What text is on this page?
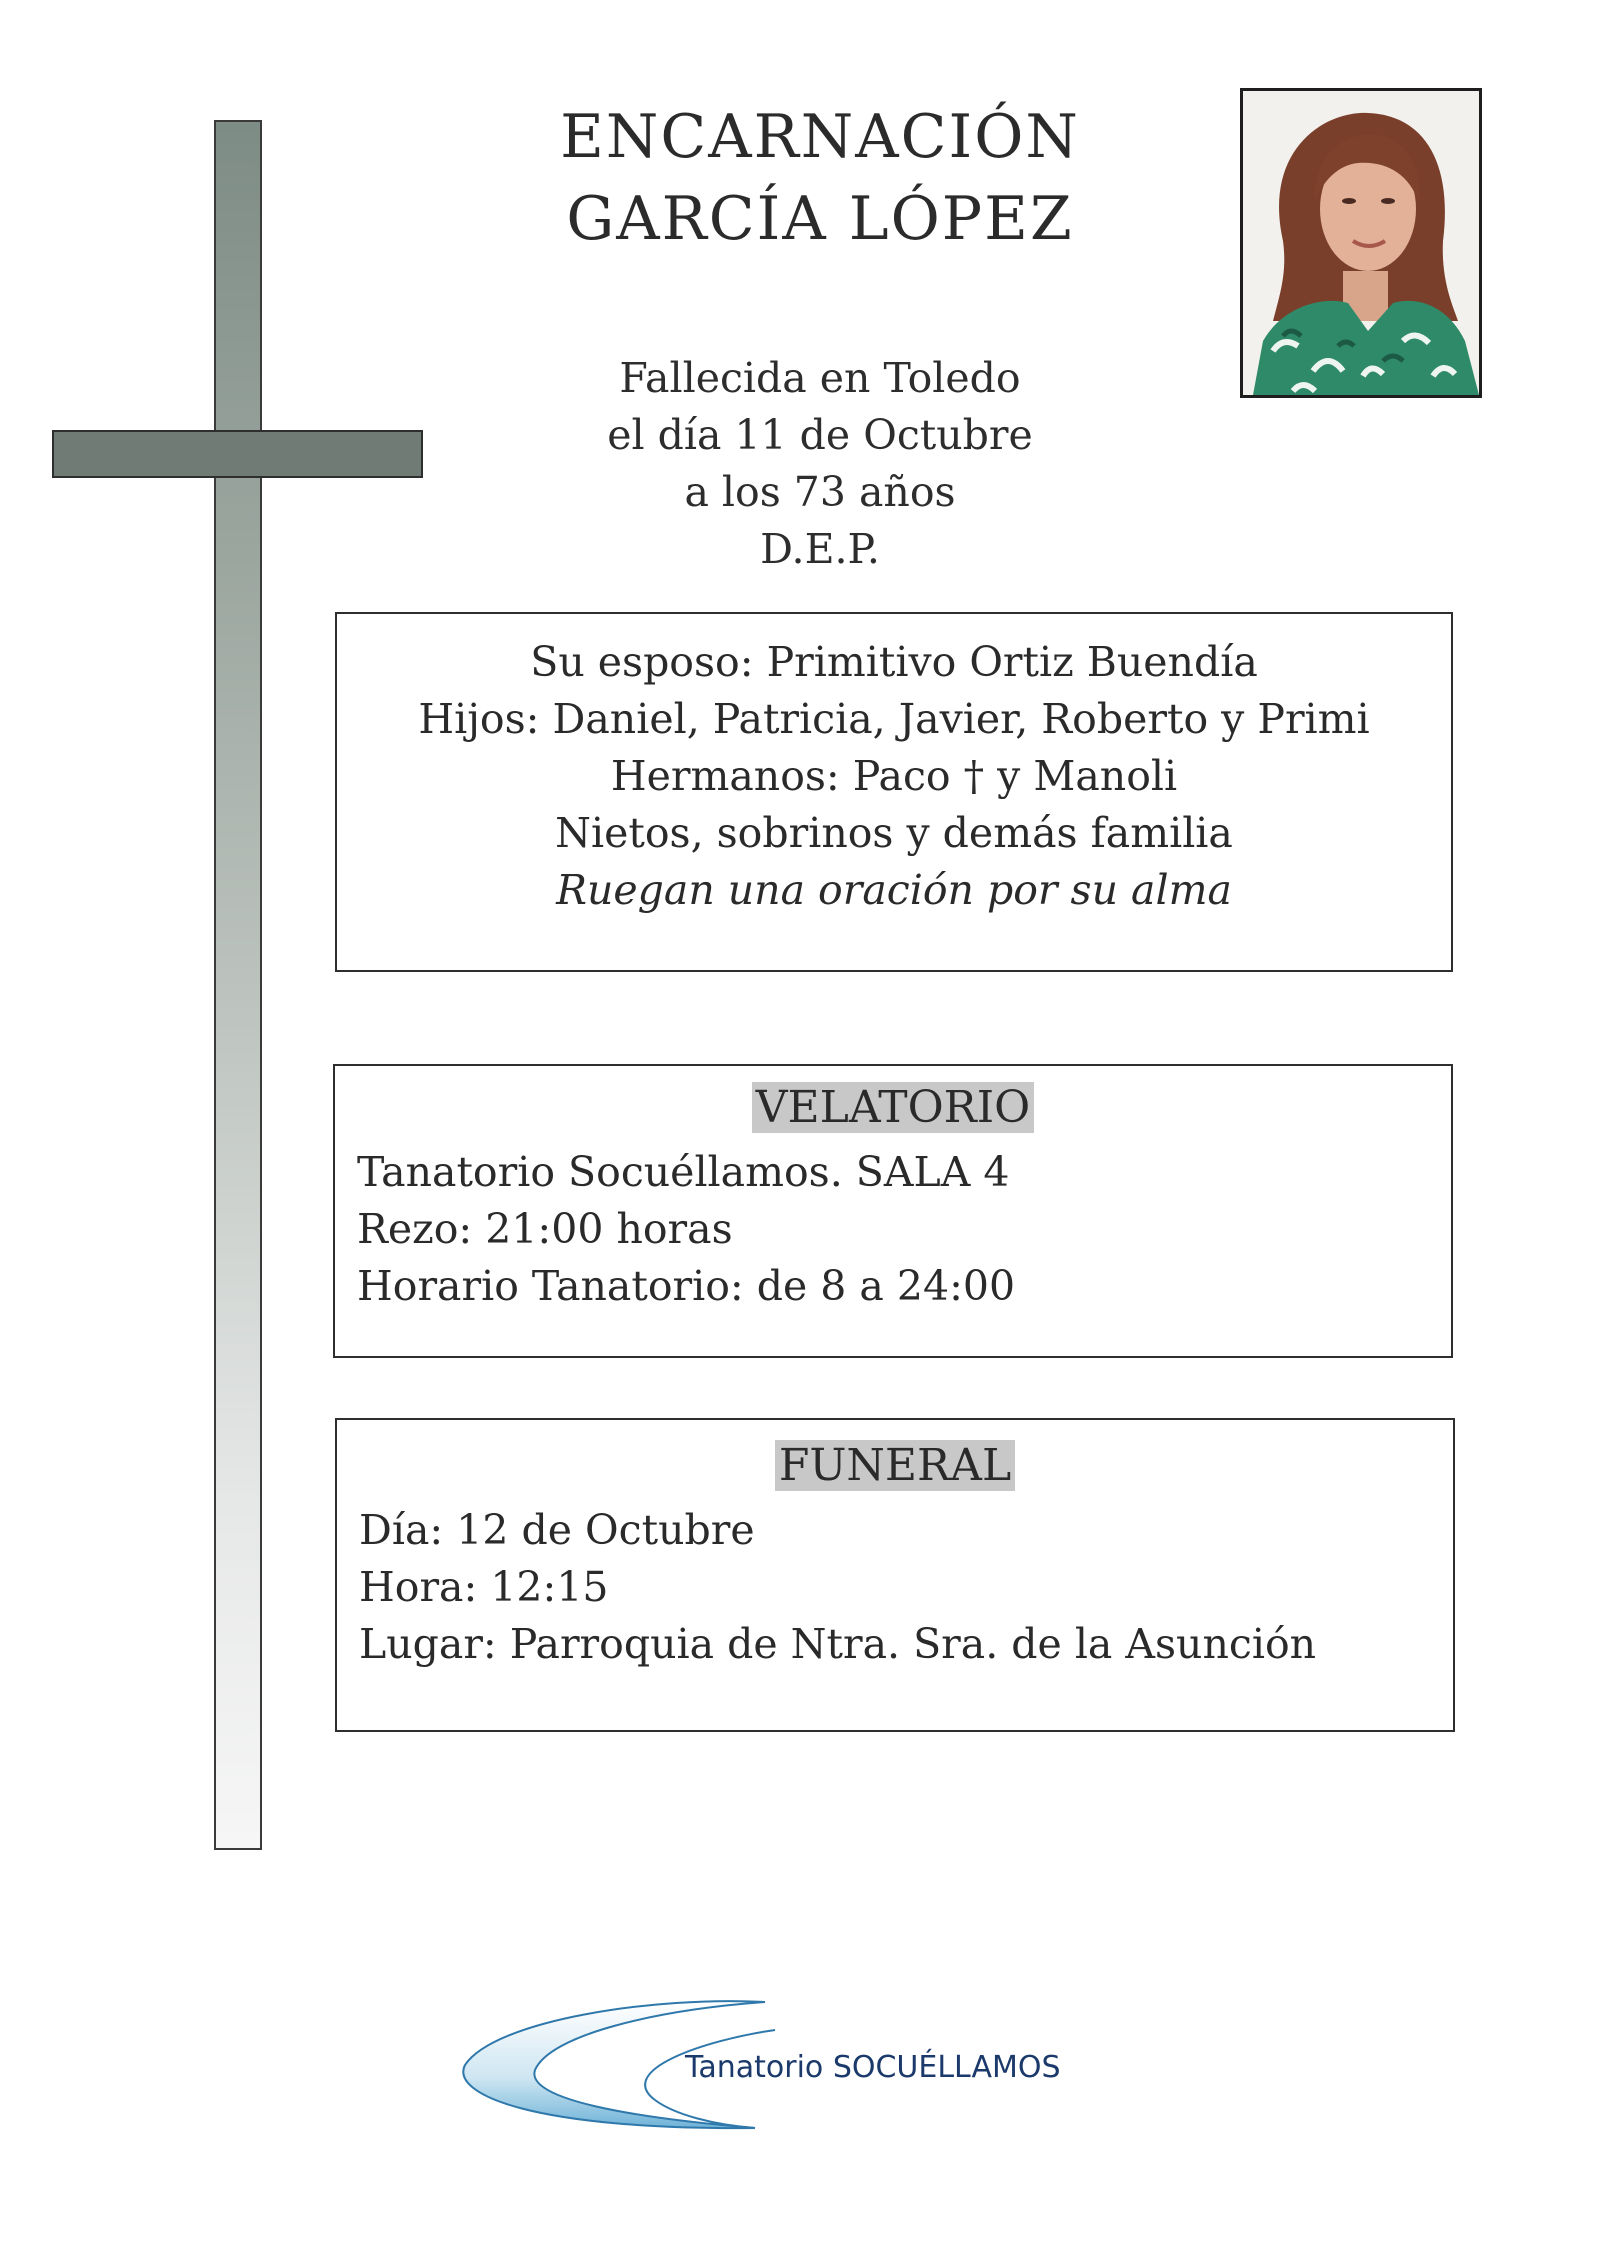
ENCARNACIÓN
GARCÍA LÓPEZ
Fallecida en Toledo
el día 11 de Octubre
a los 73 años
D.E.P.
Su esposo: Primitivo Ortiz Buendía
Hijos: Daniel, Patricia, Javier, Roberto y Primi
Hermanos: Paco † y Manoli
Nietos, sobrinos y demás familia
Ruegan una oración por su alma
VELATORIO
Tanatorio Socuéllamos. SALA 4
Rezo: 21:00 horas
Horario Tanatorio: de 8 a 24:00
FUNERAL
Día: 12 de Octubre
Hora: 12:15
Lugar: Parroquia de Ntra. Sra. de la Asunción
Tanatorio SOCUÉLLAMOS
